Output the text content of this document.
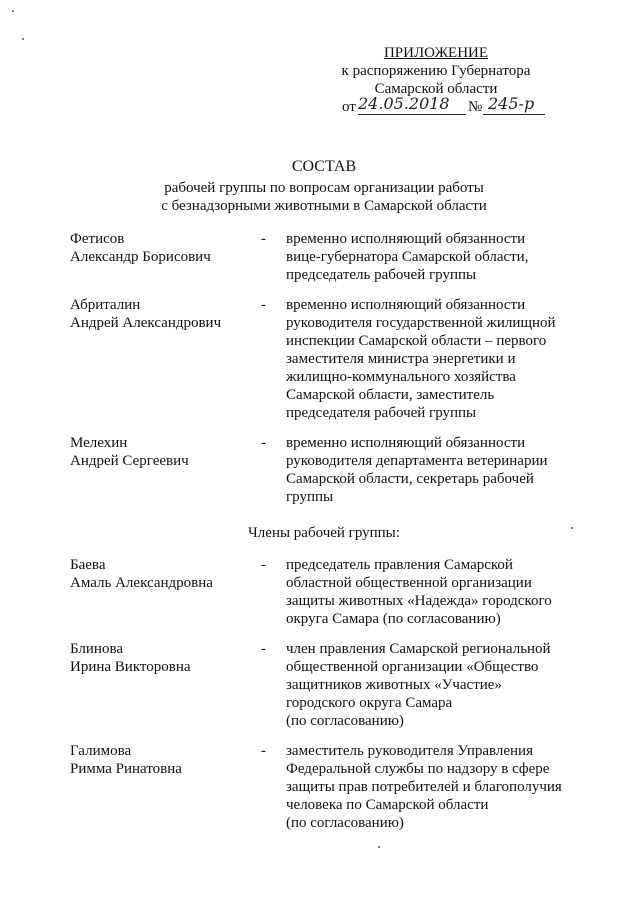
ПРИЛОЖЕНИЕ
к распоряжению Губернатора
Самарской области
от 24.05.2018 № 245-р
СОСТАВ
рабочей группы по вопросам организации работы
с безнадзорными животными в Самарской области
Фетисов
Александр Борисович
- временно исполняющий обязанности
вице-губернатора Самарской области,
председатель рабочей группы
Абриталин
Андрей Александрович
- временно исполняющий обязанности
руководителя государственной жилищной
инспекции Самарской области – первого
заместителя министра энергетики и
жилищно-коммунального хозяйства
Самарской области, заместитель
председателя рабочей группы
Мелехин
Андрей Сергеевич
- временно исполняющий обязанности
руководителя департамента ветеринарии
Самарской области, секретарь рабочей
группы
Члены рабочей группы:
Баева
Амаль Александровна
- председатель правления Самарской
областной общественной организации
защиты животных «Надежда» городского
округа Самара (по согласованию)
Блинова
Ирина Викторовна
- член правления Самарской региональной
общественной организации «Общество
защитников животных «Участие»
городского округа Самара
(по согласованию)
Галимова
Римма Ринатовна
- заместитель руководителя Управления
Федеральной службы по надзору в сфере
защиты прав потребителей и благополучия
человека по Самарской области
(по согласованию)
